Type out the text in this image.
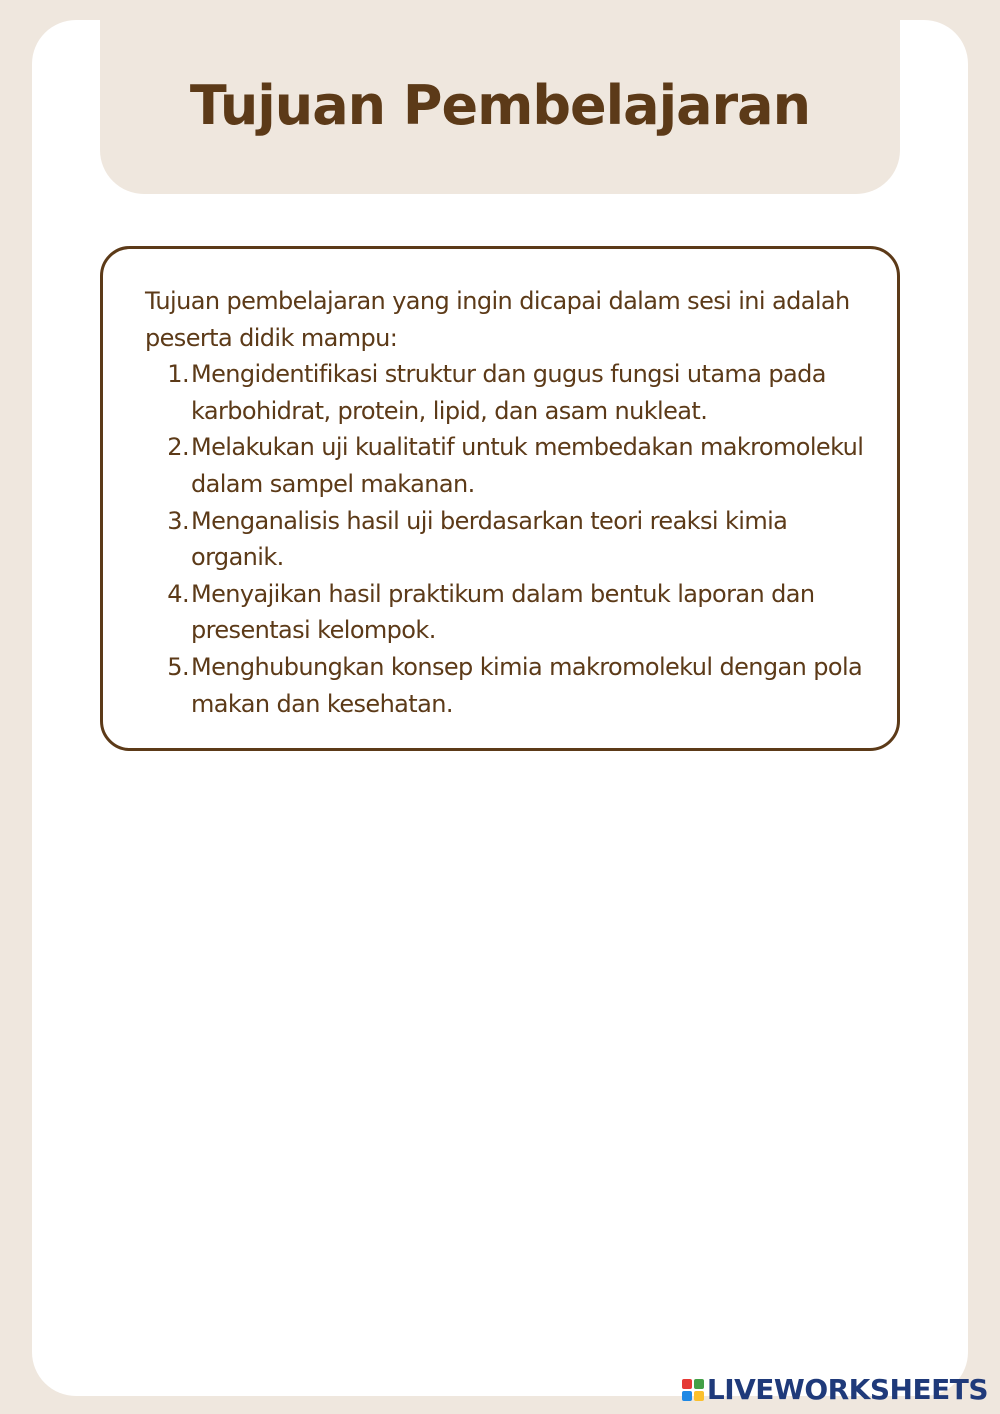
Tujuan Pembelajaran

Tujuan pembelajaran yang ingin dicapai dalam sesi ini adalah peserta didik mampu:

1. Mengidentifikasi struktur dan gugus fungsi utama pada karbohidrat, protein, lipid, dan asam nukleat.
2. Melakukan uji kualitatif untuk membedakan makromolekul dalam sampel makanan.
3. Menganalisis hasil uji berdasarkan teori reaksi kimia organik.
4. Menyajikan hasil praktikum dalam bentuk laporan dan presentasi kelompok.
5. Menghubungkan konsep kimia makromolekul dengan pola makan dan kesehatan.
LIVEWORKSHEETS
